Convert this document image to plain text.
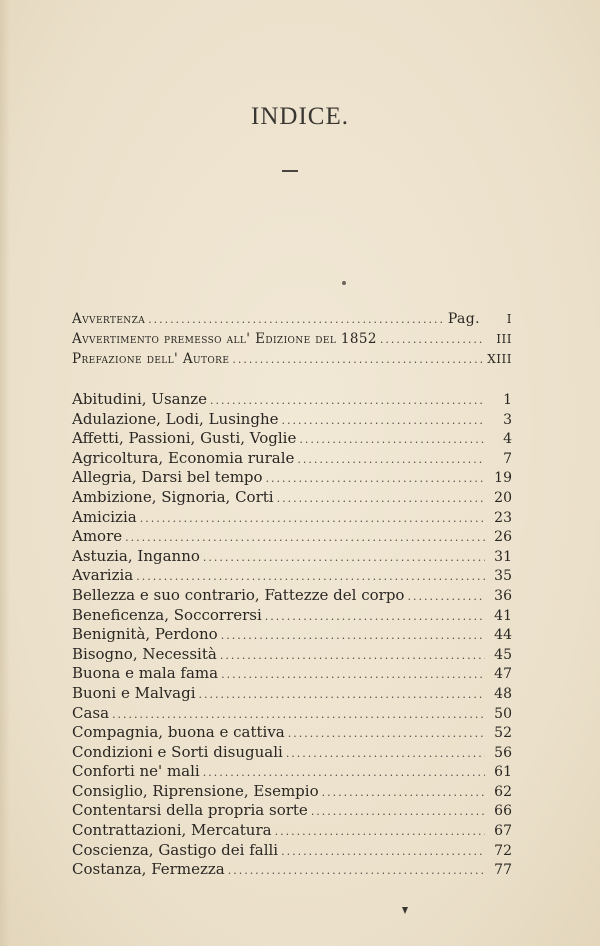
INDICE.
Avvertenza .....	Pag.	I
Avvertimento premesso all' Edizione del 1852 .....	III
Prefazione dell' Autore .....	XIII
Abitudini, Usanze .....	1
Adulazione, Lodi, Lusinghe .....	3
Affetti, Passioni, Gusti, Voglie .....	4
Agricoltura, Economia rurale .....	7
Allegria, Darsi bel tempo .....	19
Ambizione, Signoria, Corti .....	20
Amicizia .....	23
Amore .....	26
Astuzia, Inganno .....	31
Avarizia .....	35
Bellezza e suo contrario, Fattezze del corpo .....	36
Beneficenza, Soccorrersi .....	41
Benignità, Perdono .....	44
Bisogno, Necessità .....	45
Buona e mala fama .....	47
Buoni e Malvagi .....	48
Casa .....	50
Compagnia, buona e cattiva .....	52
Condizioni e Sorti disuguali .....	56
Conforti ne' mali .....	61
Consiglio, Riprensione, Esempio .....	62
Contentarsi della propria sorte .....	66
Contrattazioni, Mercatura .....	67
Coscienza, Gastigo dei falli .....	72
Costanza, Fermezza .....	77
